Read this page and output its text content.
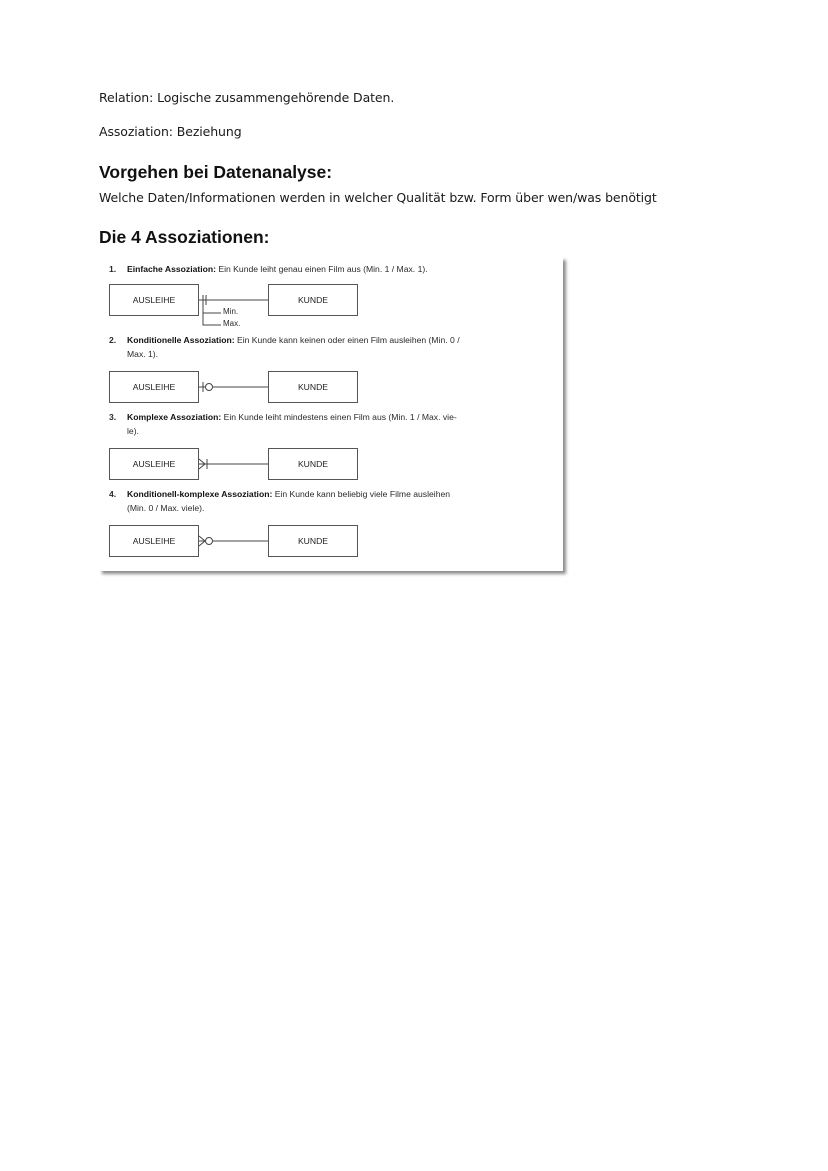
Relation: Logische zusammengehörende Daten.

Assoziation: Beziehung

Vorgehen bei Datenanalyse:

Welche Daten/Informationen werden in welcher Qualität bzw. Form über wen/was benötigt

Die 4 Assoziationen:
1. Einfache Assoziation: Ein Kunde leiht genau einen Film aus (Min. 1 / Max. 1).
AUSLEIHE	KUNDE
Min.
Max.
2. Konditionelle Assoziation: Ein Kunde kann keinen oder einen Film ausleihen (Min. 0 /
Max. 1).
AUSLEIHE	KUNDE
3. Komplexe Assoziation: Ein Kunde leiht mindestens einen Film aus (Min. 1 / Max. vie-
le).
AUSLEIHE	KUNDE
4. Konditionell-komplexe Assoziation: Ein Kunde kann beliebig viele Filme ausleihen
(Min. 0 / Max. viele).
AUSLEIHE	KUNDE
